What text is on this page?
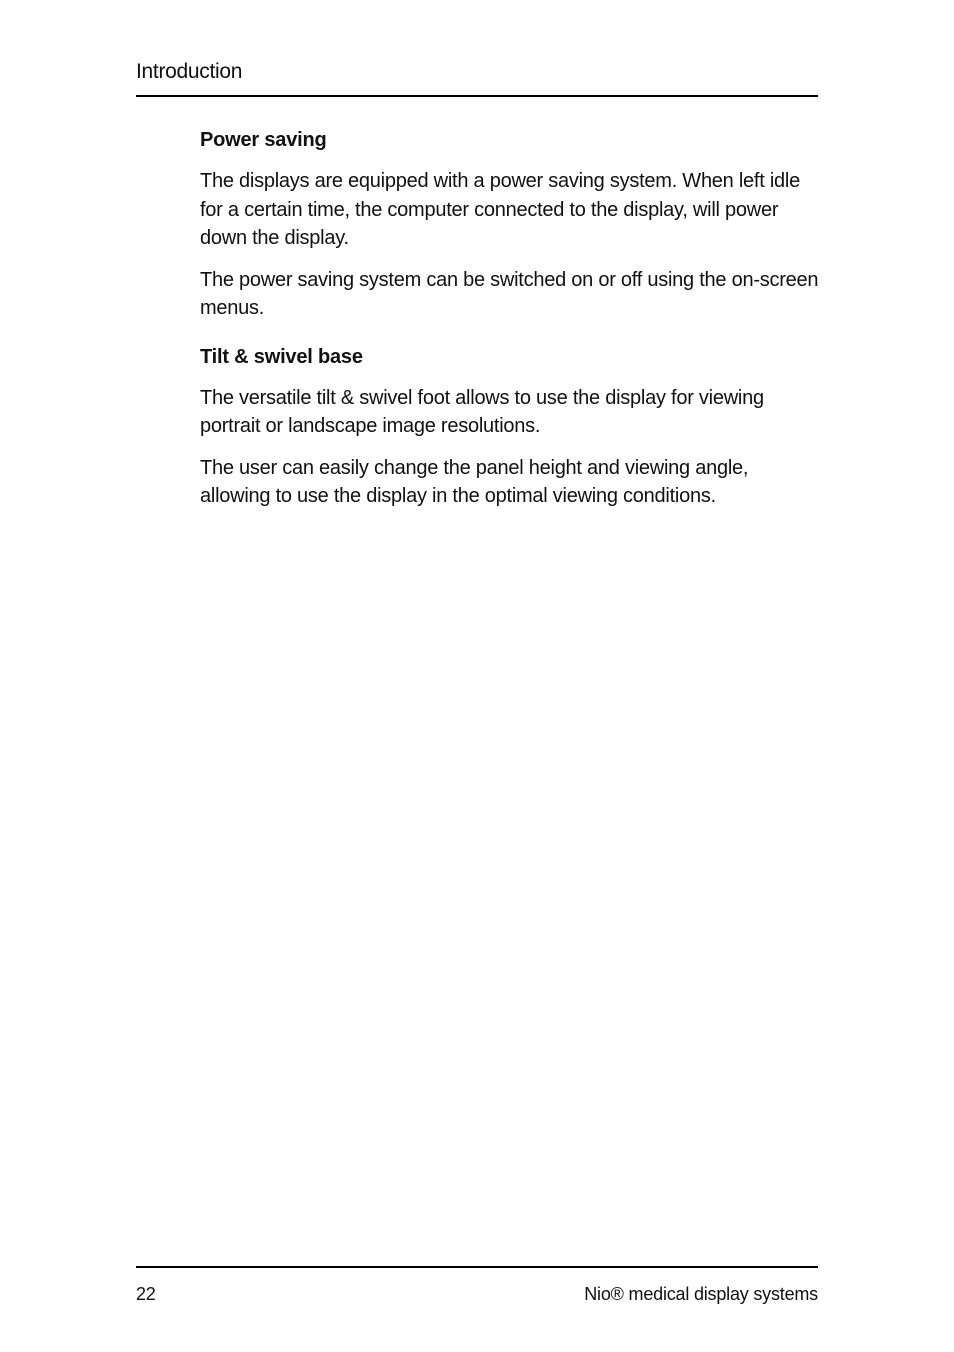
Introduction
Power saving

The displays are equipped with a power saving system. When left idle for a certain time, the computer connected to the display, will power down the display.

The power saving system can be switched on or off using the on-screen menus.

Tilt & swivel base

The versatile tilt & swivel foot allows to use the display for viewing portrait or landscape image resolutions.

The user can easily change the panel height and viewing angle, allowing to use the display in the optimal viewing conditions.

22	Nio® medical display systems
